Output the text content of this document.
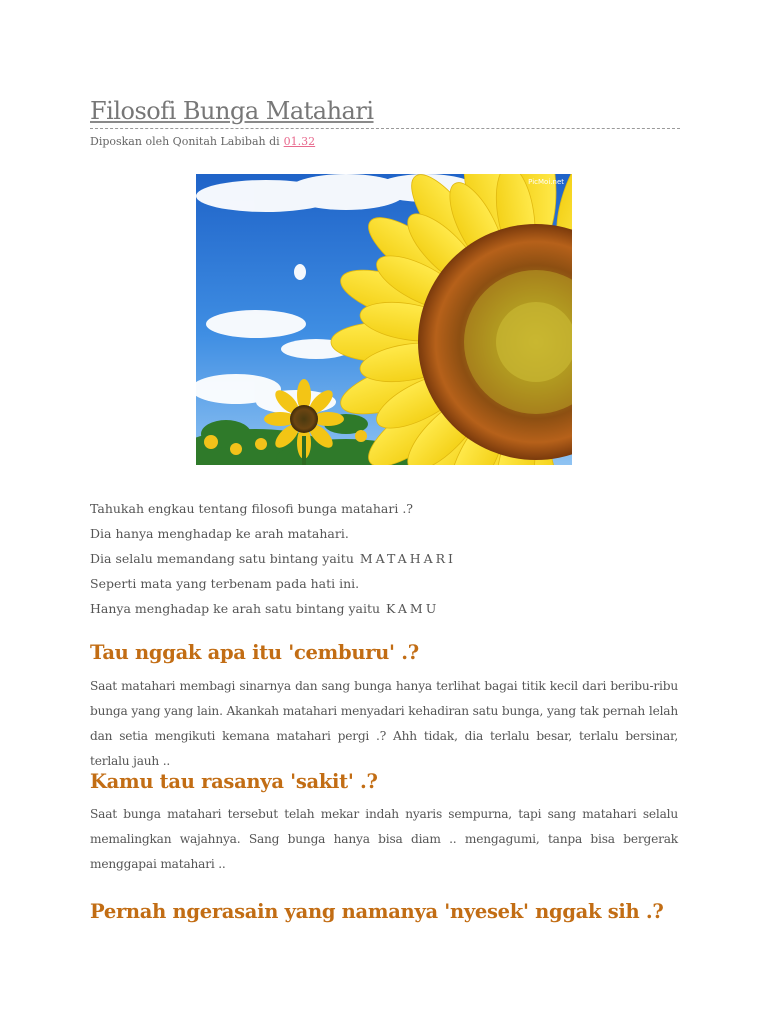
Filosofi Bunga Matahari
Diposkan oleh Qonitah Labibah di 01.32
PicMoi.net
Tahukah engkau tentang filosofi bunga matahari .?
Dia hanya menghadap ke arah matahari.
Dia selalu memandang satu bintang yaitu MATAHARI
Seperti mata yang terbenam pada hati ini.
Hanya menghadap ke arah satu bintang yaitu KAMU
Tau nggak apa itu 'cemburu' .?

Saat matahari membagi sinarnya dan sang bunga hanya terlihat bagai titik kecil dari beribu-ribu bunga yang yang lain. Akankah matahari menyadari kehadiran satu bunga, yang tak pernah lelah dan setia mengikuti kemana matahari pergi .? Ahh tidak, dia terlalu besar, terlalu bersinar, terlalu jauh ..

Kamu tau rasanya 'sakit' .?

Saat bunga matahari tersebut telah mekar indah nyaris sempurna, tapi sang matahari selalu memalingkan wajahnya. Sang bunga hanya bisa diam .. mengagumi, tanpa bisa bergerak menggapai matahari ..

Pernah ngerasain yang namanya 'nyesek' nggak sih .?
